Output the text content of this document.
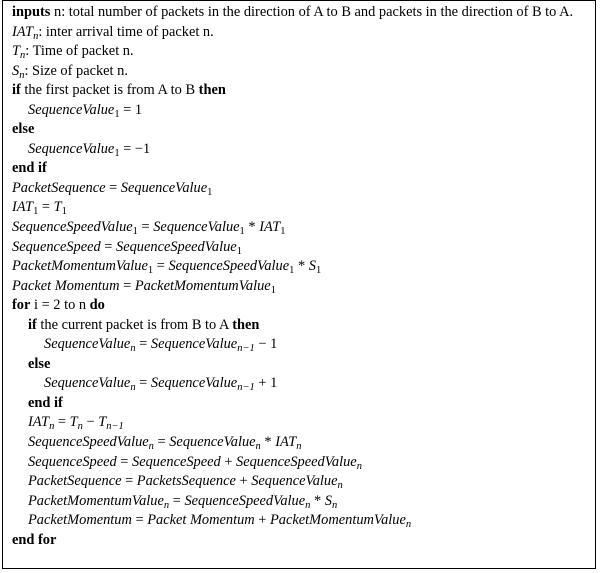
inputs n: total number of packets in the direction of A to B and packets in the direction of B to A.
$IAT_n$: inter arrival time of packet n.
$T_n$: Time of packet n.
$S_n$: Size of packet n.
if the first packet is from A to B then
SequenceValue$_1$ = 1
else
SequenceValue$_1$ = −1
end if
PacketSequence = SequenceValue$_1$
$IAT_1 = T_1$
SequenceSpeedValue$_1$ = SequenceValue$_1$ * $IAT_1$
SequenceSpeed = SequenceSpeedValue$_1$
PacketMomentumValue$_1$ = SequenceSpeedValue$_1$ * $S_1$
Packet Momentum = PacketMomentumValue$_1$
for i = 2 to n do
if the current packet is from B to A then
SequenceValue$_n$ = SequenceValue$_{n-1}$ − 1
else
SequenceValue$_n$ = SequenceValue$_{n-1}$ + 1
end if
$IAT_n = T_n - T_{n-1}$
SequenceSpeedValue$_n$ = SequenceValue$_n$ * $IAT_n$
SequenceSpeed = SequenceSpeed + SequenceSpeedValue$_n$
PacketSequence = PacketsSequence + SequenceValue$_n$
PacketMomentumValue$_n$ = SequenceSpeedValue$_n$ * $S_n$
PacketMomentum = Packet Momentum + PacketMomentumValue$_n$
end for
